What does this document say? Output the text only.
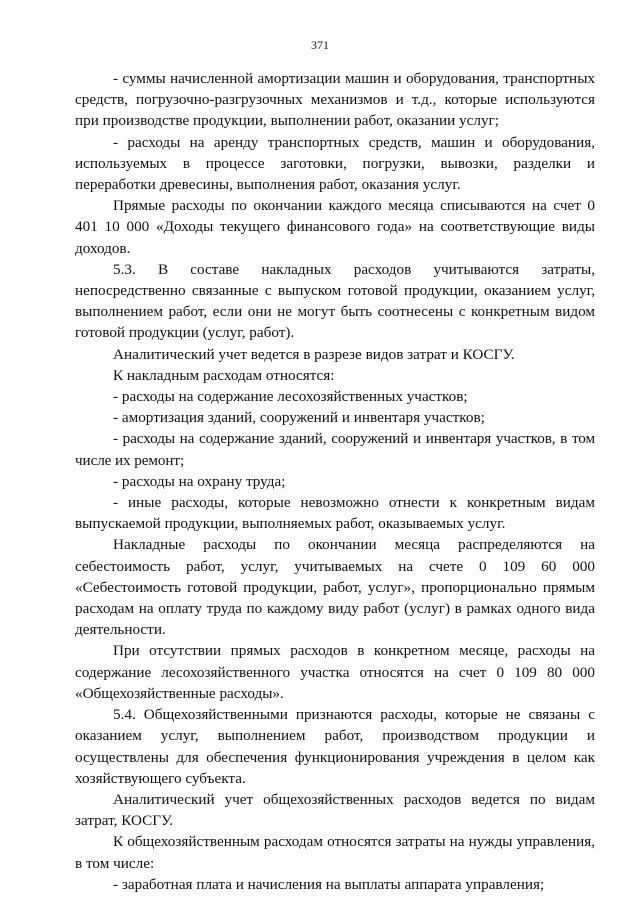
371

- суммы начисленной амортизации машин и оборудования, транспортных средств, погрузочно-разгрузочных механизмов и т.д., которые используются при производстве продукции, выполнении работ, оказании услуг;

- расходы на аренду транспортных средств, машин и оборудования, используемых в процессе заготовки, погрузки, вывозки, разделки и переработки древесины, выполнения работ, оказания услуг.

Прямые расходы по окончании каждого месяца списываются на счет 0 401 10 000 «Доходы текущего финансового года» на соответствующие виды доходов.

5.3. В составе накладных расходов учитываются затраты, непосредственно связанные с выпуском готовой продукции, оказанием услуг, выполнением работ, если они не могут быть соотнесены с конкретным видом готовой продукции (услуг, работ).

Аналитический учет ведется в разрезе видов затрат и КОСГУ.

К накладным расходам относятся:

- расходы на содержание лесохозяйственных участков;

- амортизация зданий, сооружений и инвентаря участков;

- расходы на содержание зданий, сооружений и инвентаря участков, в том числе их ремонт;

- расходы на охрану труда;

- иные расходы, которые невозможно отнести к конкретным видам выпускаемой продукции, выполняемых работ, оказываемых услуг.

Накладные расходы по окончании месяца распределяются на себестоимость работ, услуг, учитываемых на счете 0 109 60 000 «Себестоимость готовой продукции, работ, услуг», пропорционально прямым расходам на оплату труда по каждому виду работ (услуг) в рамках одного вида деятельности.

При отсутствии прямых расходов в конкретном месяце, расходы на содержание лесохозяйственного участка относятся на счет 0 109 80 000 «Общехозяйственные расходы».

5.4. Общехозяйственными признаются расходы, которые не связаны с оказанием услуг, выполнением работ, производством продукции и осуществлены для обеспечения функционирования учреждения в целом как хозяйствующего субъекта.

Аналитический учет общехозяйственных расходов ведется по видам затрат, КОСГУ.

К общехозяйственным расходам относятся затраты на нужды управления, в том числе:

- заработная плата и начисления на выплаты аппарата управления;
